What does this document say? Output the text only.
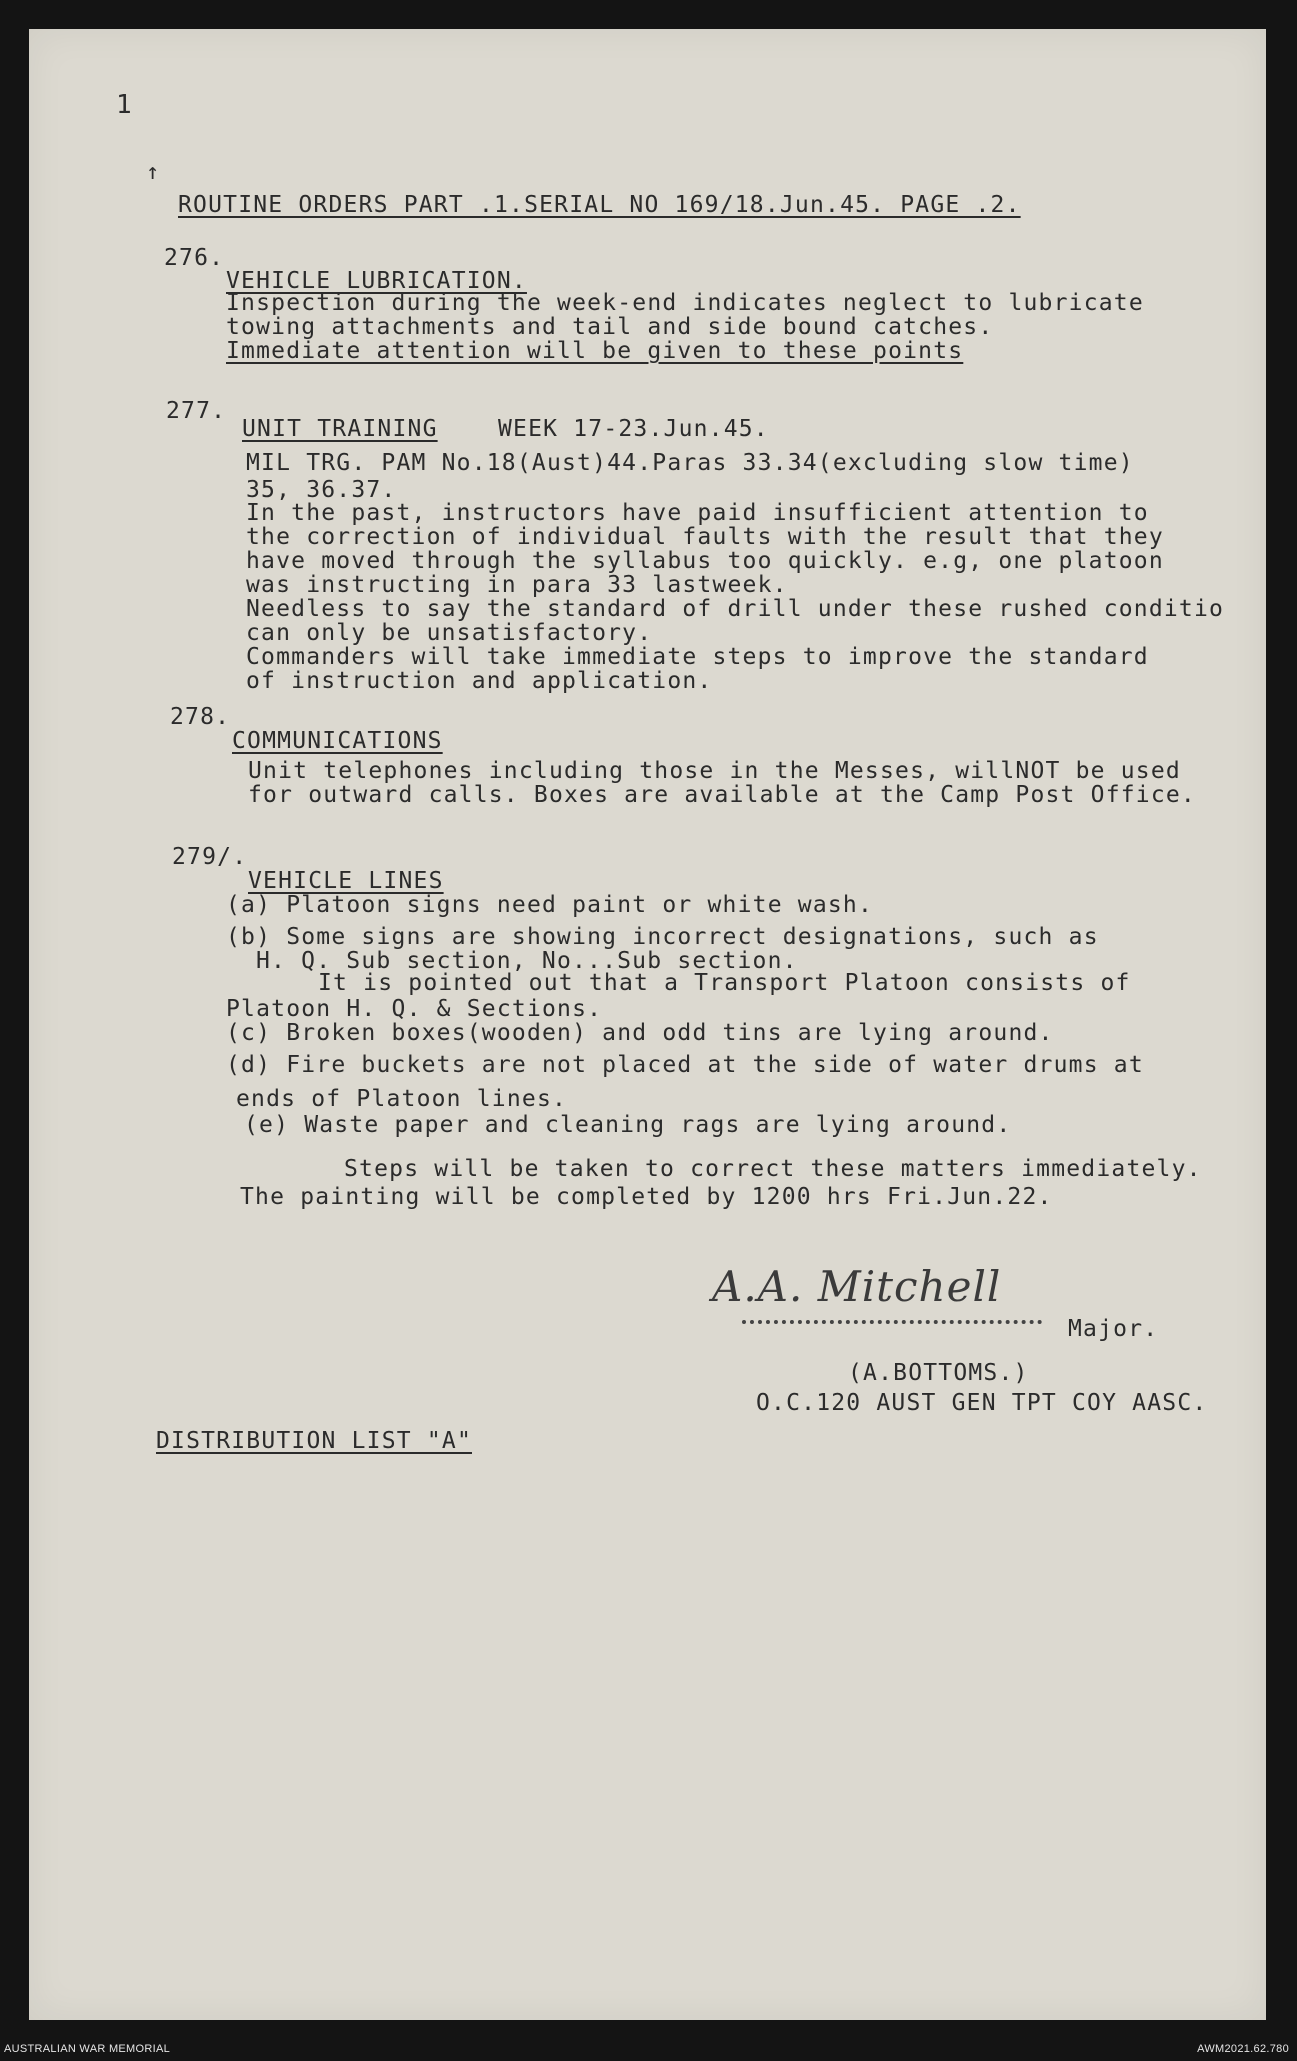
1
↑
ROUTINE ORDERS PART .1.SERIAL NO 169/18.Jun.45. PAGE .2.
276.
VEHICLE LUBRICATION.
Inspection during the week-end indicates neglect to lubricate
towing attachments and tail and side bound catches.
Immediate attention will be given to these points
277.
UNIT TRAINING	WEEK 17-23.Jun.45.
MIL TRG. PAM No.18(Aust)44.Paras 33.34(excluding slow time)
35, 36.37.
In the past, instructors have paid insufficient attention to
the correction of individual faults with the result that they
have moved through the syllabus too quickly. e.g, one platoon
was instructing in para 33 lastweek.
Needless to say the standard of drill under these rushed conditio
can only be unsatisfactory.
Commanders will take immediate steps to improve the standard
of instruction and application.
278.
COMMUNICATIONS
Unit telephones including those in the Messes, willNOT be used
for outward calls. Boxes are available at the Camp Post Office.
279/.
VEHICLE LINES
(a) Platoon signs need paint or white wash.
(b) Some signs are showing incorrect designations, such as
H. Q. Sub section, No...Sub section.
It is pointed out that a Transport Platoon consists of
Platoon H. Q. & Sections.
(c) Broken boxes(wooden) and odd tins are lying around.
(d) Fire buckets are not placed at the side of water drums at
ends of Platoon lines.
(e) Waste paper and cleaning rags are lying around.
Steps will be taken to correct these matters immediately.
The painting will be completed by 1200 hrs Fri.Jun.22.
A.A. Mitchell
Major.
(A.BOTTOMS.)
O.C.120 AUST GEN TPT COY AASC.
DISTRIBUTION LIST "A"
AUSTRALIAN WAR MEMORIAL	AWM2021.62.780
